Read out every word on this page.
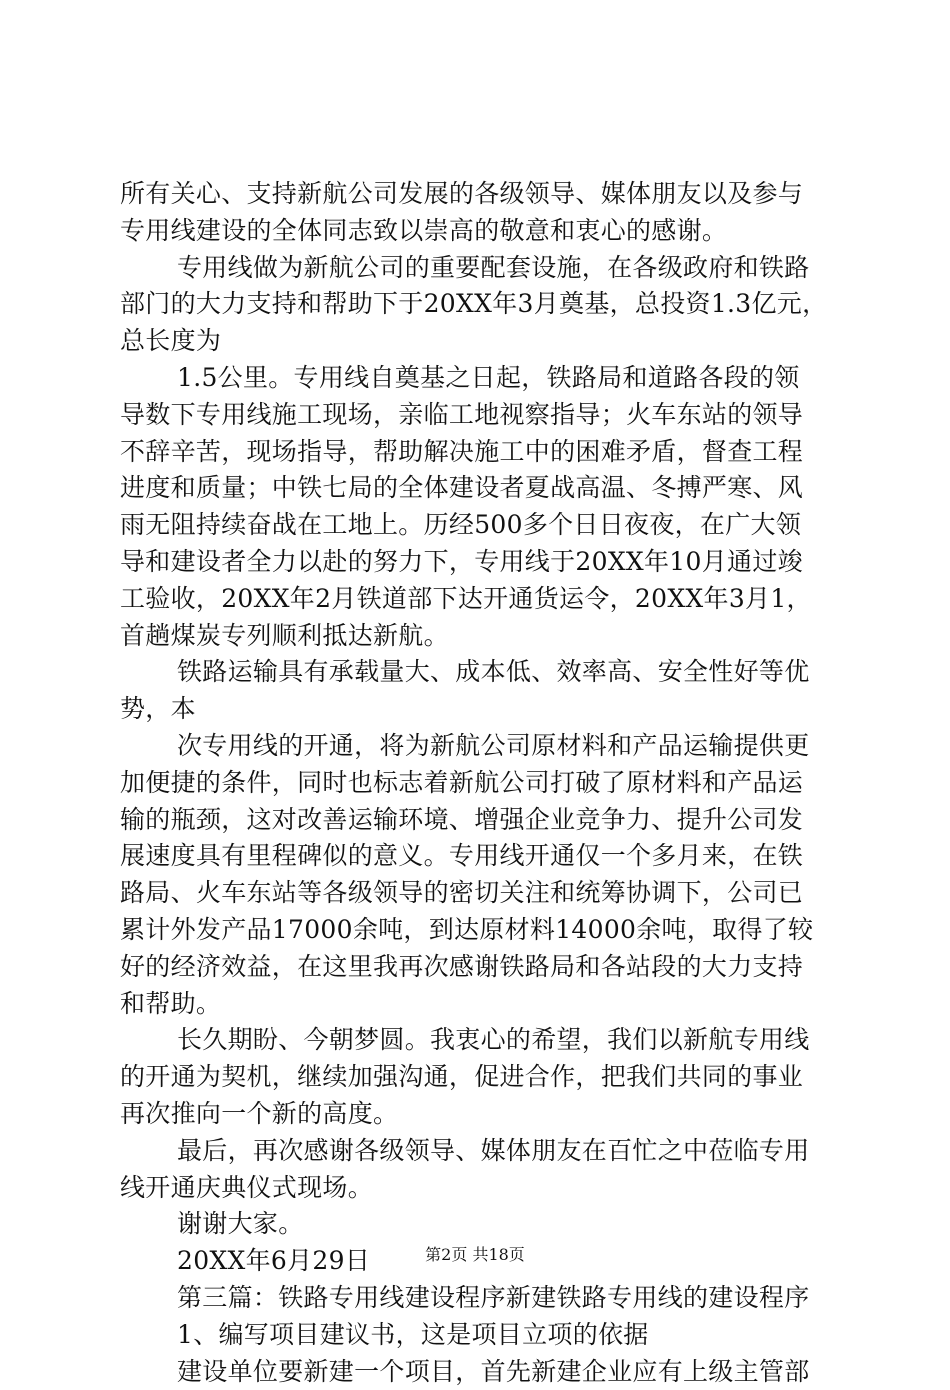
所有关心、支持新航公司发展的各级领导、媒体朋友以及参与

专用线建设的全体同志致以崇高的敬意和衷心的感谢。

专用线做为新航公司的重要配套设施，在各级政府和铁路

部门的大力支持和帮助下于20XX年3月奠基，总投资1.3亿元，

总长度为

1.5公里。专用线自奠基之日起，铁路局和道路各段的领

导数下专用线施工现场，亲临工地视察指导；火车东站的领导

不辞辛苦，现场指导，帮助解决施工中的困难矛盾，督查工程

进度和质量；中铁七局的全体建设者夏战高温、冬搏严寒、风

雨无阻持续奋战在工地上。历经500多个日日夜夜，在广大领

导和建设者全力以赴的努力下，专用线于20XX年10月通过竣

工验收，20XX年2月铁道部下达开通货运令，20XX年3月1，

首趟煤炭专列顺利抵达新航。

铁路运输具有承载量大、成本低、效率高、安全性好等优

势，本

次专用线的开通，将为新航公司原材料和产品运输提供更

加便捷的条件，同时也标志着新航公司打破了原材料和产品运

输的瓶颈，这对改善运输环境、增强企业竞争力、提升公司发

展速度具有里程碑似的意义。专用线开通仅一个多月来，在铁

路局、火车东站等各级领导的密切关注和统筹协调下，公司已

累计外发产品17000余吨，到达原材料14000余吨，取得了较

好的经济效益，在这里我再次感谢铁路局和各站段的大力支持

和帮助。

长久期盼、今朝梦圆。我衷心的希望，我们以新航专用线

的开通为契机，继续加强沟通，促进合作，把我们共同的事业

再次推向一个新的高度。

最后，再次感谢各级领导、媒体朋友在百忙之中莅临专用

线开通庆典仪式现场。

谢谢大家。

20XX年6月29日

第三篇：铁路专用线建设程序新建铁路专用线的建设程序

1、编写项目建议书，这是项目立项的依据

建设单位要新建一个项目，首先新建企业应有上级主管部

第2页 共18页
